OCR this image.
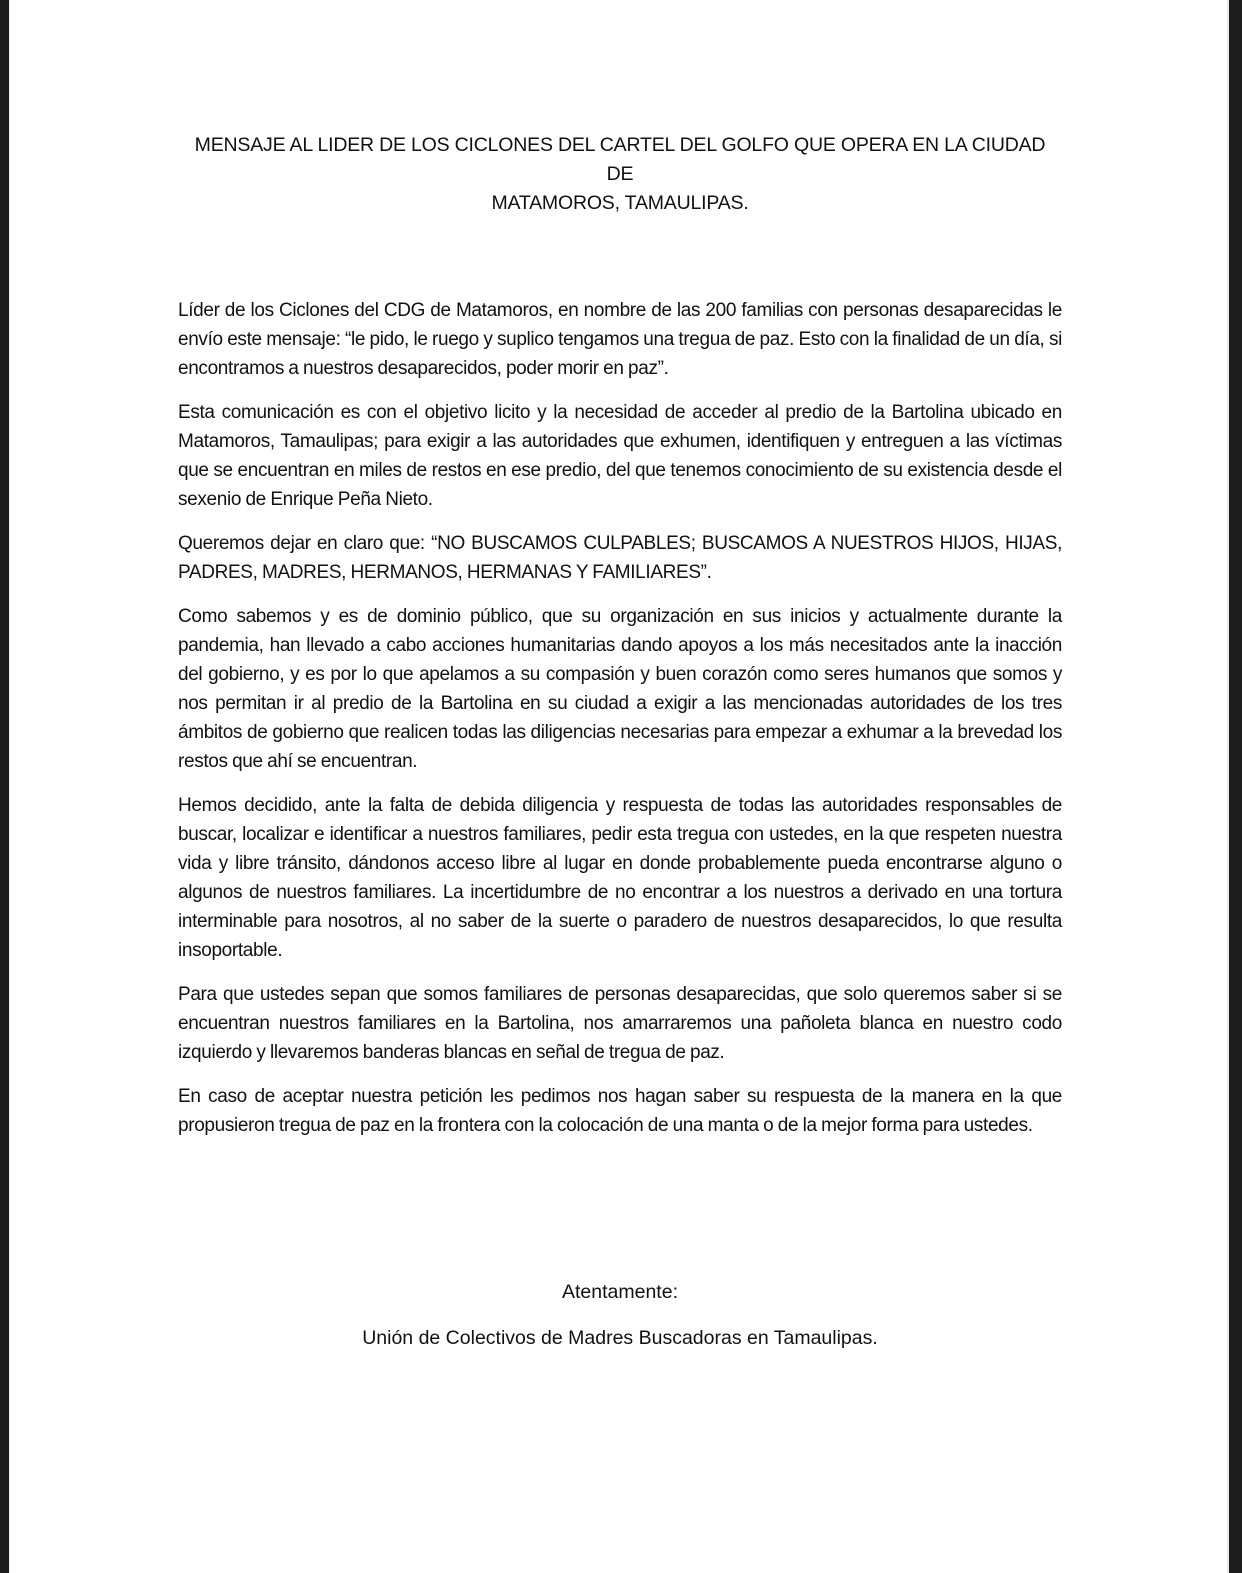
MENSAJE AL LIDER DE LOS CICLONES DEL CARTEL DEL GOLFO QUE OPERA EN LA CIUDAD DE
MATAMOROS, TAMAULIPAS.

Líder de los Ciclones del CDG de Matamoros, en nombre de las 200 familias con personas desaparecidas le envío este mensaje: “le pido, le ruego y suplico tengamos una tregua de paz. Esto con la finalidad de un día, si encontramos a nuestros desaparecidos, poder morir en paz”.

Esta comunicación es con el objetivo licito y la necesidad de acceder al predio de la Bartolina ubicado en Matamoros, Tamaulipas; para exigir a las autoridades que exhumen, identifiquen y entreguen a las víctimas que se encuentran en miles de restos en ese predio, del que tenemos conocimiento de su existencia desde el sexenio de Enrique Peña Nieto.

Queremos dejar en claro que: “NO BUSCAMOS CULPABLES; BUSCAMOS A NUESTROS HIJOS, HIJAS, PADRES, MADRES, HERMANOS, HERMANAS Y FAMILIARES”.

Como sabemos y es de dominio público, que su organización en sus inicios y actualmente durante la pandemia, han llevado a cabo acciones humanitarias dando apoyos a los más necesitados ante la inacción del gobierno, y es por lo que apelamos a su compasión y buen corazón como seres humanos que somos y nos permitan ir al predio de la Bartolina en su ciudad a exigir a las mencionadas autoridades de los tres ámbitos de gobierno que realicen todas las diligencias necesarias para empezar a exhumar a la brevedad los restos que ahí se encuentran.

Hemos decidido, ante la falta de debida diligencia y respuesta de todas las autoridades responsables de buscar, localizar e identificar a nuestros familiares, pedir esta tregua con ustedes, en la que respeten nuestra vida y libre tránsito, dándonos acceso libre al lugar en donde probablemente pueda encontrarse alguno o algunos de nuestros familiares. La incertidumbre de no encontrar a los nuestros a derivado en una tortura interminable para nosotros, al no saber de la suerte o paradero de nuestros desaparecidos, lo que resulta insoportable.

Para que ustedes sepan que somos familiares de personas desaparecidas, que solo queremos saber si se encuentran nuestros familiares en la Bartolina, nos amarraremos una pañoleta blanca en nuestro codo izquierdo y llevaremos banderas blancas en señal de tregua de paz.

En caso de aceptar nuestra petición les pedimos nos hagan saber su respuesta de la manera en la que propusieron tregua de paz en la frontera con la colocación de una manta o de la mejor forma para ustedes.

Atentamente:
Unión de Colectivos de Madres Buscadoras en Tamaulipas.
